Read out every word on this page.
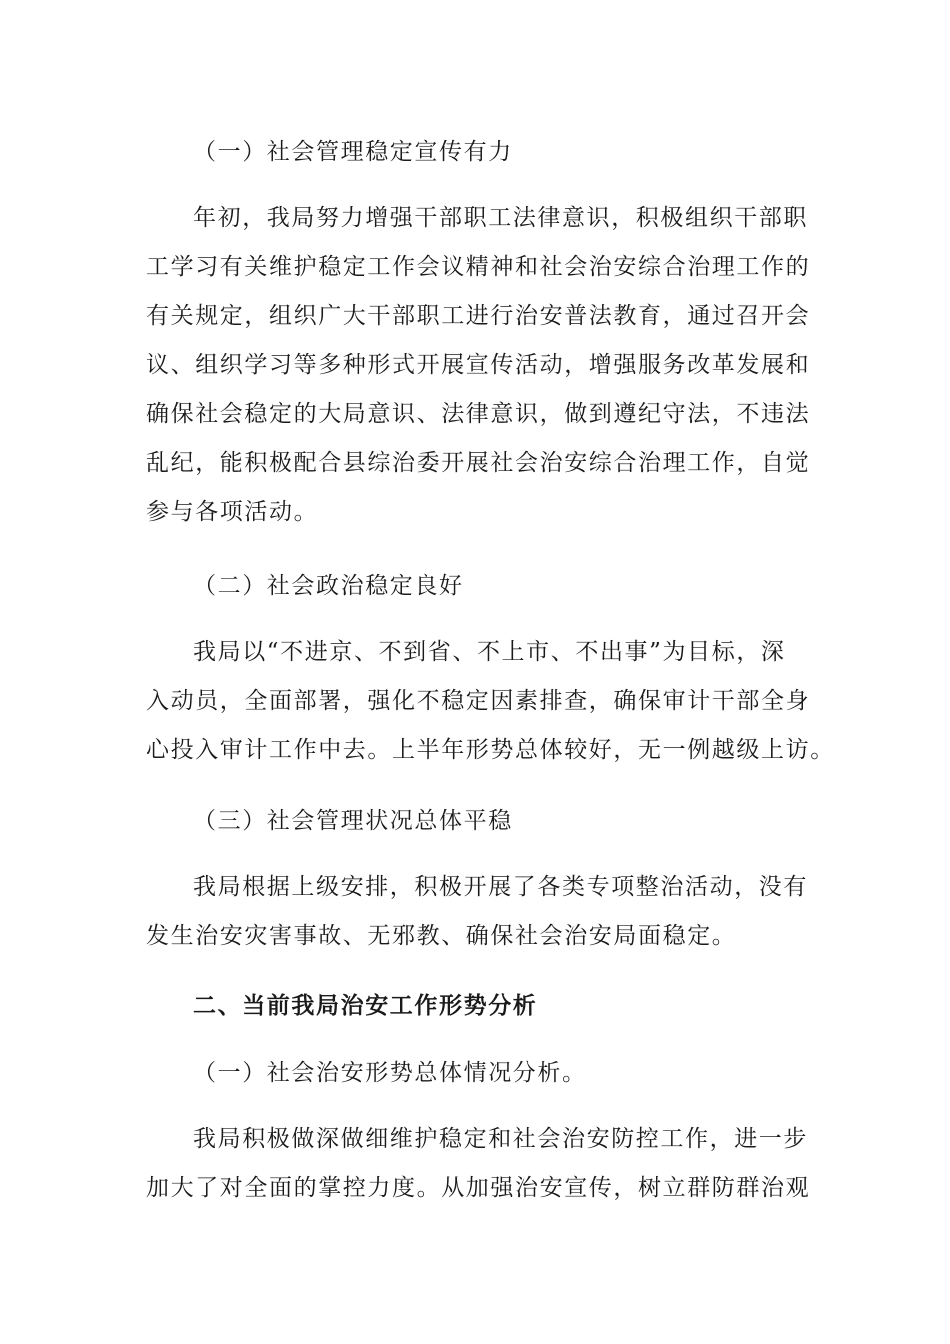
（一）社会管理稳定宣传有力
年初，我局努力增强干部职工法律意识，积极组织干部职
工学习有关维护稳定工作会议精神和社会治安综合治理工作的
有关规定，组织广大干部职工进行治安普法教育，通过召开会
议、组织学习等多种形式开展宣传活动，增强服务改革发展和
确保社会稳定的大局意识、法律意识，做到遵纪守法，不违法
乱纪，能积极配合县综治委开展社会治安综合治理工作，自觉
参与各项活动。
（二）社会政治稳定良好
我局以“不进京、不到省、不上市、不出事”为目标，深
入动员，全面部署，强化不稳定因素排查，确保审计干部全身
心投入审计工作中去。上半年形势总体较好，无一例越级上访。
（三）社会管理状况总体平稳
我局根据上级安排，积极开展了各类专项整治活动，没有
发生治安灾害事故、无邪教、确保社会治安局面稳定。
二、当前我局治安工作形势分析
（一）社会治安形势总体情况分析。
我局积极做深做细维护稳定和社会治安防控工作，进一步
加大了对全面的掌控力度。从加强治安宣传，树立群防群治观
